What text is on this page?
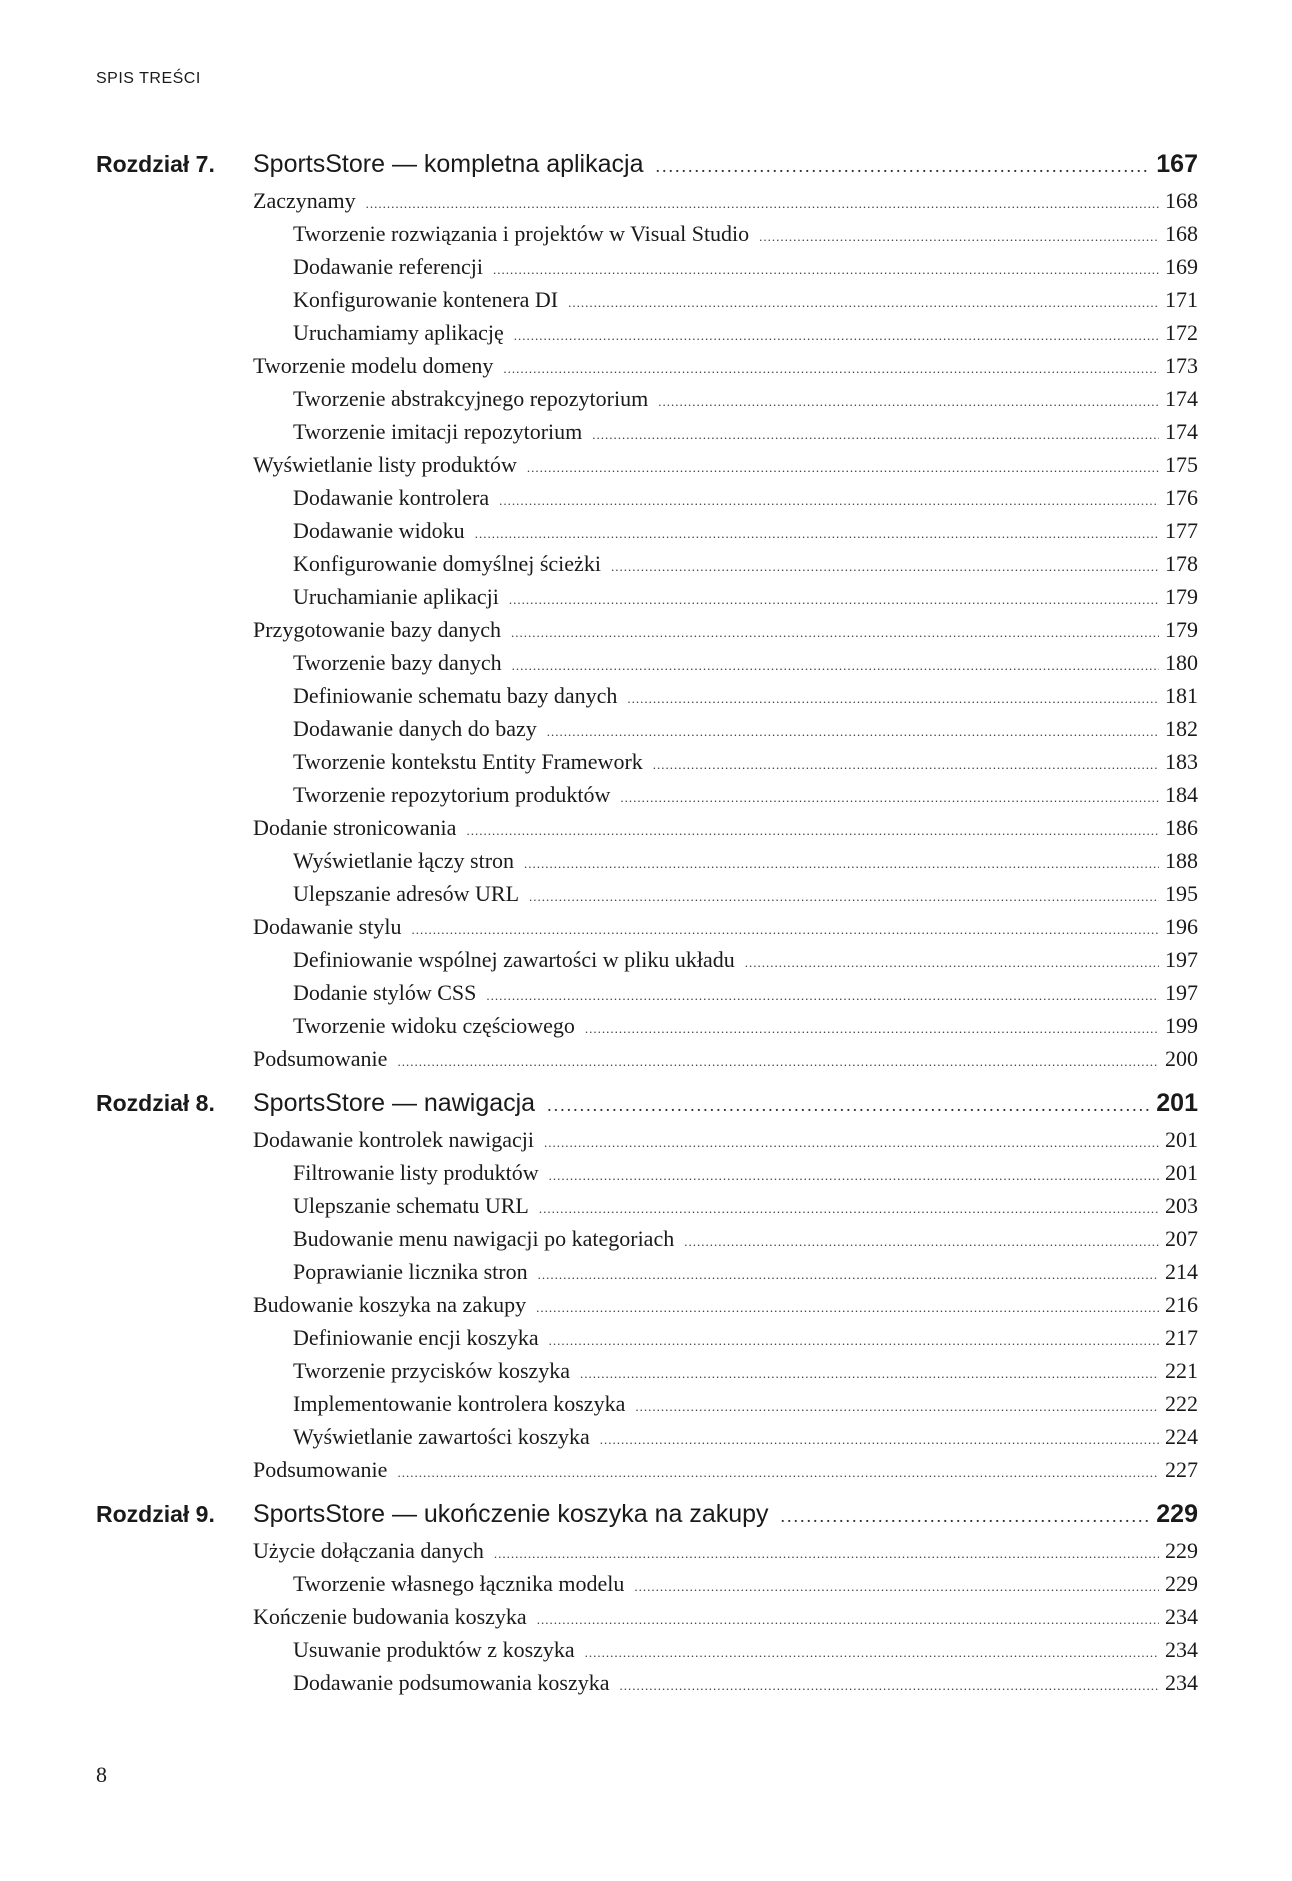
SPIS TREŚCI
Rozdział 7.	SportsStore — kompletna aplikacja .....	167
Zaczynamy .....	168
Tworzenie rozwiązania i projektów w Visual Studio .....	168
Dodawanie referencji .....	169
Konfigurowanie kontenera DI .....	171
Uruchamiamy aplikację .....	172
Tworzenie modelu domeny .....	173
Tworzenie abstrakcyjnego repozytorium .....	174
Tworzenie imitacji repozytorium .....	174
Wyświetlanie listy produktów .....	175
Dodawanie kontrolera .....	176
Dodawanie widoku .....	177
Konfigurowanie domyślnej ścieżki .....	178
Uruchamianie aplikacji .....	179
Przygotowanie bazy danych .....	179
Tworzenie bazy danych .....	180
Definiowanie schematu bazy danych .....	181
Dodawanie danych do bazy .....	182
Tworzenie kontekstu Entity Framework .....	183
Tworzenie repozytorium produktów .....	184
Dodanie stronicowania .....	186
Wyświetlanie łączy stron .....	188
Ulepszanie adresów URL .....	195
Dodawanie stylu .....	196
Definiowanie wspólnej zawartości w pliku układu .....	197
Dodanie stylów CSS .....	197
Tworzenie widoku częściowego .....	199
Podsumowanie .....	200
Rozdział 8.	SportsStore — nawigacja .....	201
Dodawanie kontrolek nawigacji .....	201
Filtrowanie listy produktów .....	201
Ulepszanie schematu URL .....	203
Budowanie menu nawigacji po kategoriach .....	207
Poprawianie licznika stron .....	214
Budowanie koszyka na zakupy .....	216
Definiowanie encji koszyka .....	217
Tworzenie przycisków koszyka .....	221
Implementowanie kontrolera koszyka .....	222
Wyświetlanie zawartości koszyka .....	224
Podsumowanie .....	227
Rozdział 9.	SportsStore — ukończenie koszyka na zakupy .....	229
Użycie dołączania danych .....	229
Tworzenie własnego łącznika modelu .....	229
Kończenie budowania koszyka .....	234
Usuwanie produktów z koszyka .....	234
Dodawanie podsumowania koszyka .....	234
8
